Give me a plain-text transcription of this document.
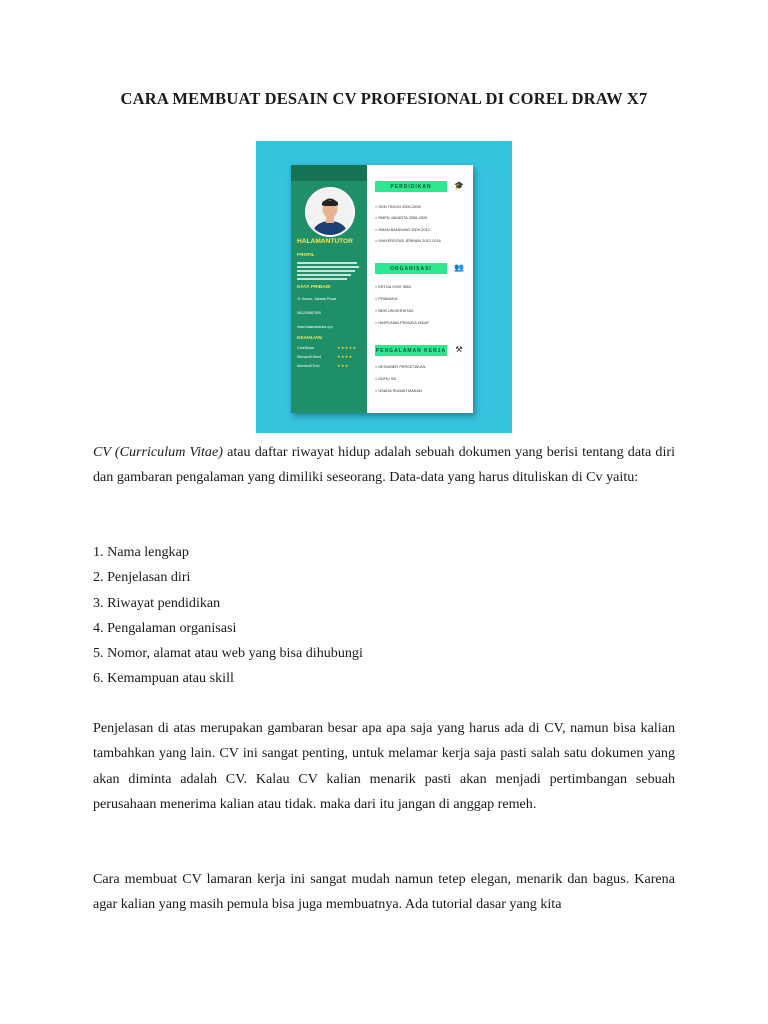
CARA MEMBUAT DESAIN CV PROFESIONAL DI COREL DRAW X7
HALAMANTUTOR
PROFIL
DATA PRIBADI
Jl. Sumur, Jakarta Pusat
081234567890
www.halamantutor.xyz
KEAHLIAN
CorelDraw	★★★★★
Microsoft Word	★★★★
Microsoft Exel	★★★
PERDIDIKAN	🎓
> SDN TINGGI 2000-2006
> SMPN JAKARTA 2006-2009
> SMAN BANDUNG 2009-2012
> UNIVERSITAS JERMAN 2012-2016
ORGANISASI	👥
> KETUA OSIS SMA
> PRAMUKA
> BEM UNIVERSITAS
> HIMPUNAN PEMUDA HIDAT
PENGALAMAN KERJA	⚒
> DESAINER PERCETAKAN
> GURU SD
> USAHA RUMAH MAKAN

CV (Curriculum Vitae) atau daftar riwayat hidup adalah sebuah dokumen yang berisi tentang data diri dan gambaran pengalaman yang dimiliki seseorang. Data-data yang harus dituliskan di Cv yaitu:

1. Nama lengkap
2. Penjelasan diri
3. Riwayat pendidikan
4. Pengalaman organisasi
5. Nomor, alamat atau web yang bisa dihubungi
6. Kemampuan atau skill

Penjelasan di atas merupakan gambaran besar apa apa saja yang harus ada di CV, namun bisa kalian tambahkan yang lain. CV ini sangat penting, untuk melamar kerja saja pasti salah satu dokumen yang akan diminta adalah CV. Kalau CV kalian menarik pasti akan menjadi pertimbangan sebuah perusahaan menerima kalian atau tidak. maka dari itu jangan di anggap remeh.

Cara membuat CV lamaran kerja ini sangat mudah namun tetep elegan, menarik dan bagus. Karena agar kalian yang masih pemula bisa juga membuatnya. Ada tutorial dasar yang kita
